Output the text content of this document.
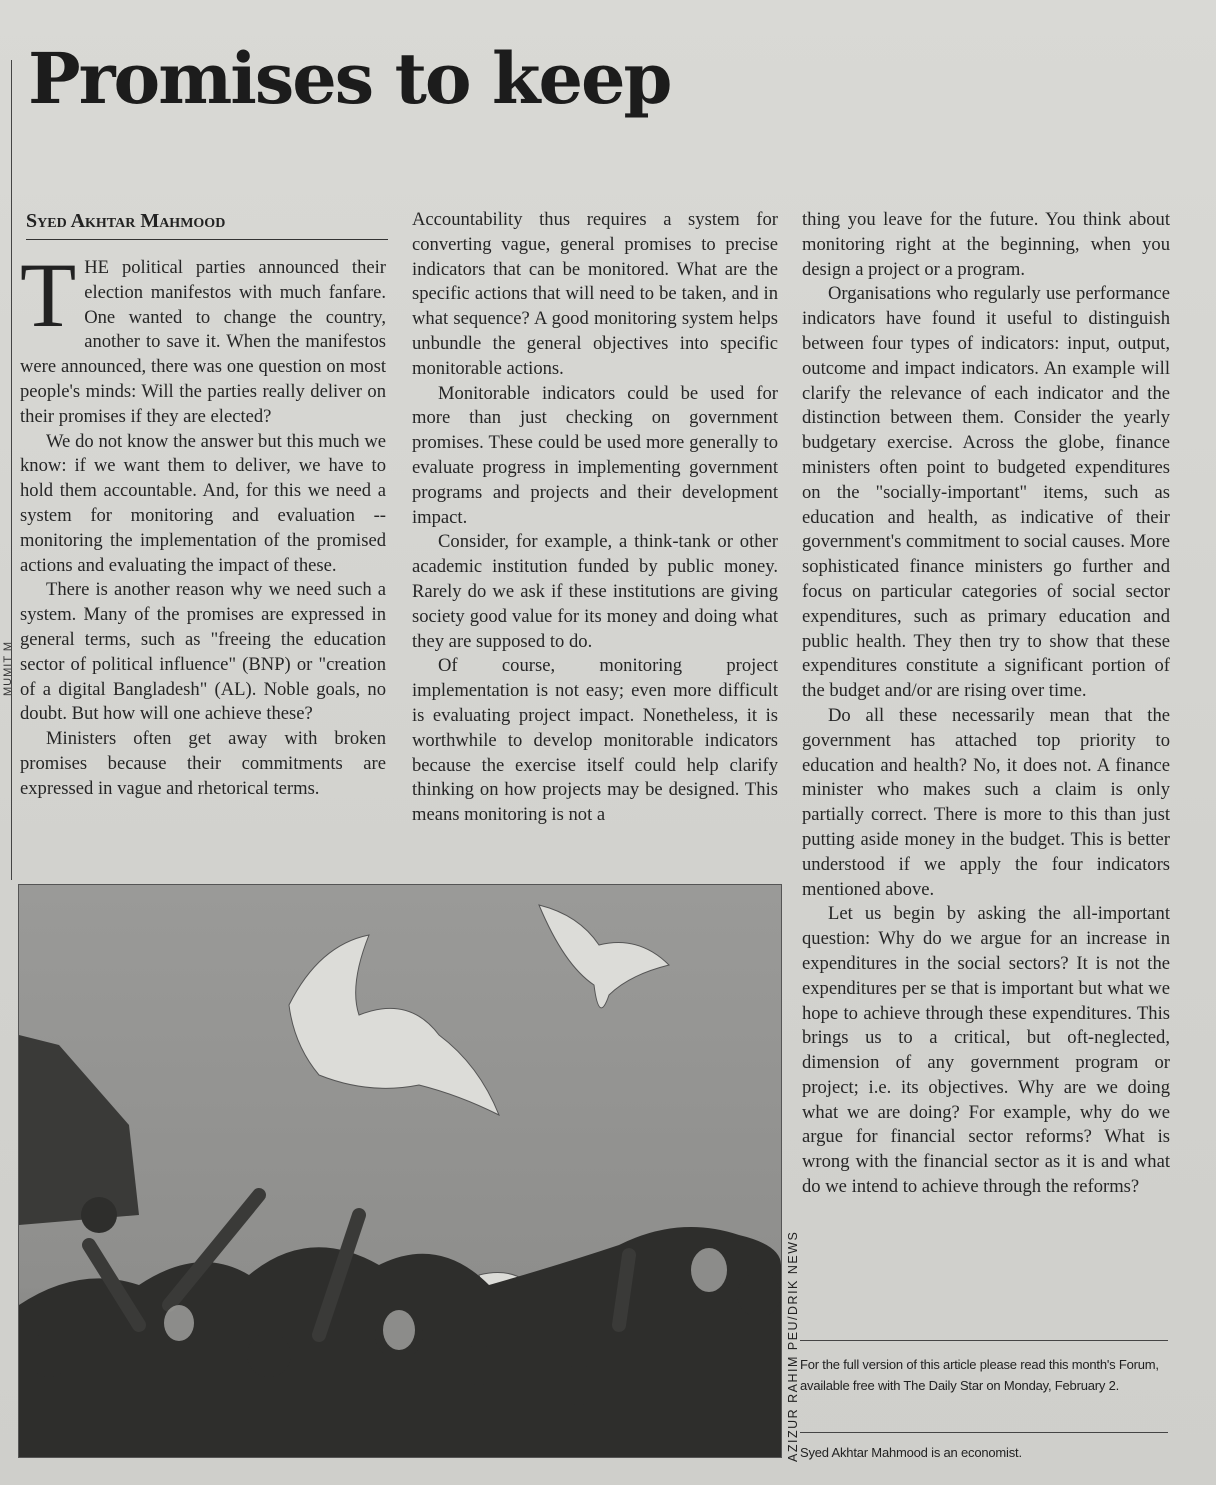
MUMIT M
Promises to keep
Syed Akhtar Mahmood

THE political parties announced their election manifestos with much fanfare. One wanted to change the country, another to save it. When the manifestos were announced, there was one question on most people's minds: Will the parties really deliver on their promises if they are elected?

We do not know the answer but this much we know: if we want them to deliver, we have to hold them accountable. And, for this we need a system for monitoring and evaluation -- monitoring the implementation of the promised actions and evaluating the impact of these.

There is another reason why we need such a system. Many of the promises are expressed in general terms, such as "freeing the education sector of political influence" (BNP) or "creation of a digital Bangladesh" (AL). Noble goals, no doubt. But how will one achieve these?

Ministers often get away with broken promises because their commitments are expressed in vague and rhetorical terms.

Accountability thus requires a system for converting vague, general promises to precise indicators that can be monitored. What are the specific actions that will need to be taken, and in what sequence? A good monitoring system helps unbundle the general objectives into specific monitorable actions.

Monitorable indicators could be used for more than just checking on government promises. These could be used more generally to evaluate progress in implementing government programs and projects and their development impact.

Consider, for example, a think-tank or other academic institution funded by public money. Rarely do we ask if these institutions are giving society good value for its money and doing what they are supposed to do.

Of course, monitoring project implementation is not easy; even more difficult is evaluating project impact. Nonetheless, it is worthwhile to develop monitorable indicators because the exercise itself could help clarify thinking on how projects may be designed. This means monitoring is not a

thing you leave for the future. You think about monitoring right at the beginning, when you design a project or a program.

Organisations who regularly use performance indicators have found it useful to distinguish between four types of indicators: input, output, outcome and impact indicators. An example will clarify the relevance of each indicator and the distinction between them. Consider the yearly budgetary exercise. Across the globe, finance ministers often point to budgeted expenditures on the "socially-important" items, such as education and health, as indicative of their government's commitment to social causes. More sophisticated finance ministers go further and focus on particular categories of social sector expenditures, such as primary education and public health. They then try to show that these expenditures constitute a significant portion of the budget and/or are rising over time.

Do all these necessarily mean that the government has attached top priority to education and health? No, it does not. A finance minister who makes such a claim is only partially correct. There is more to this than just putting aside money in the budget. This is better understood if we apply the four indicators mentioned above.

Let us begin by asking the all-important question: Why do we argue for an increase in expenditures in the social sectors? It is not the expenditures per se that is important but what we hope to achieve through these expenditures. This brings us to a critical, but oft-neglected, dimension of any government program or project; i.e. its objectives. Why are we doing what we are doing? For example, why do we argue for financial sector reforms? What is wrong with the financial sector as it is and what do we intend to achieve through the reforms?

AZIZUR RAHIM PEU/DRIK NEWS For the full version of this article please read this month's Forum, available free with The Daily Star on Monday, February 2.
Syed Akhtar Mahmood is an economist.
